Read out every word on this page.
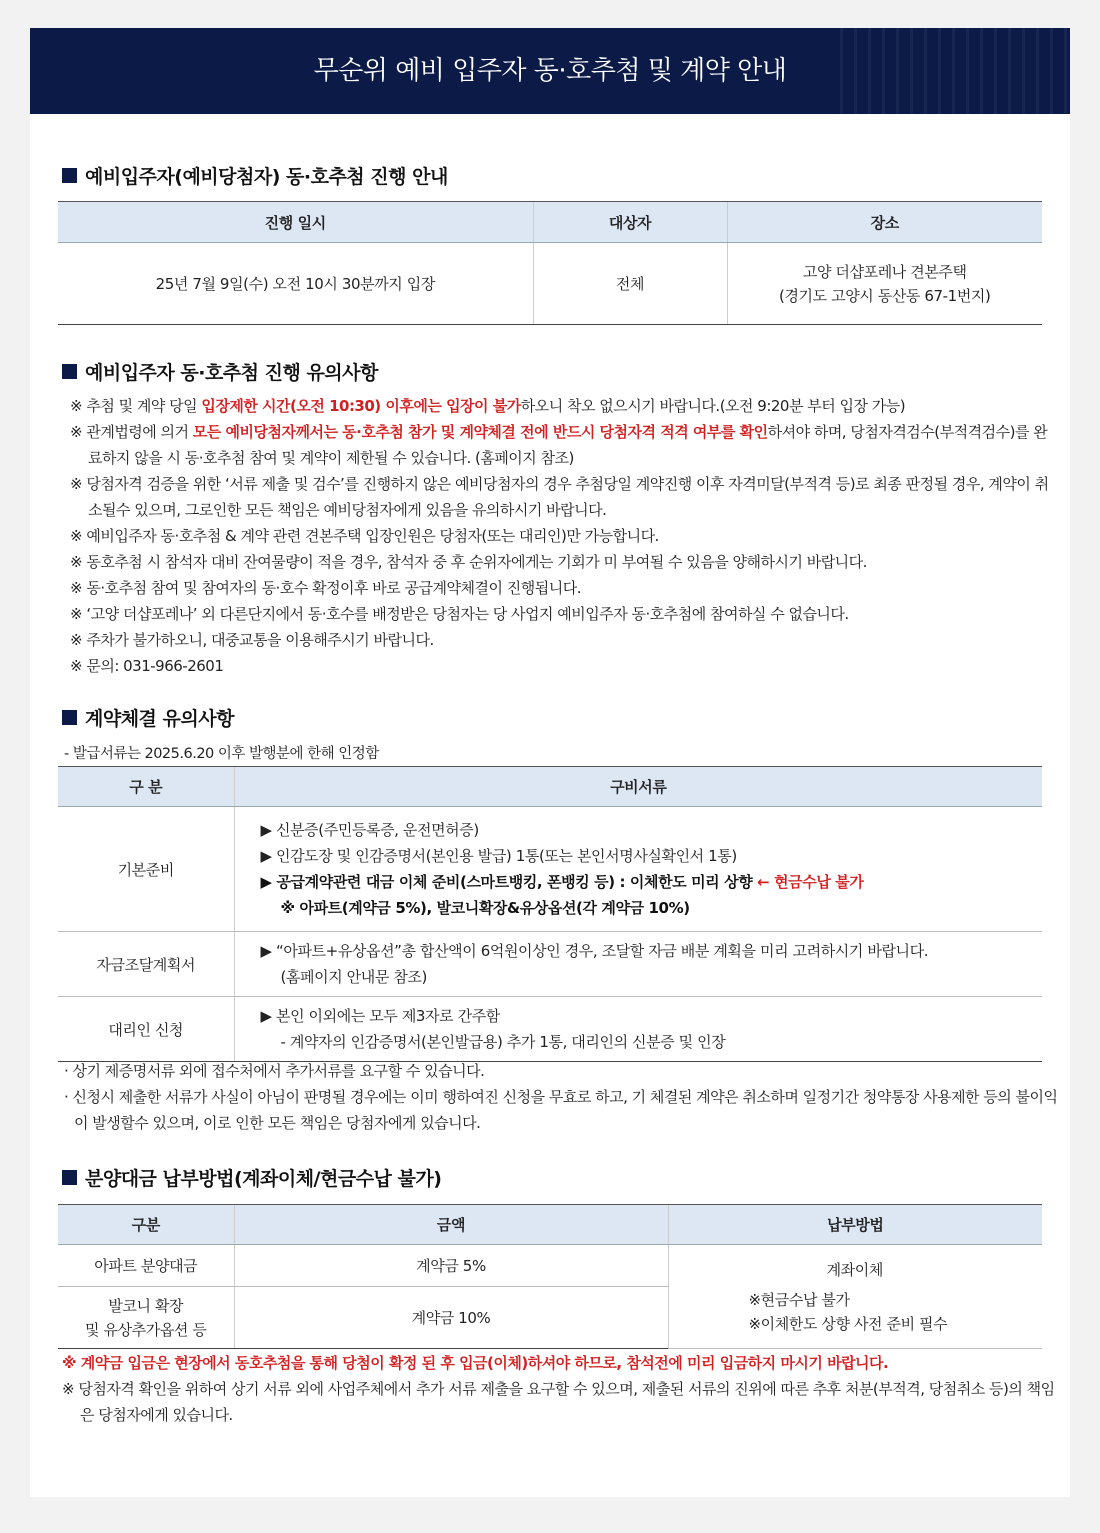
무순위 예비 입주자 동·호추첨 및 계약 안내
예비입주자(예비당첨자) 동·호추첨 진행 안내
진행 일시	대상자	장소
25년 7월 9일(수) 오전 10시 30분까지 입장	전체	고양 더샵포레나 견본주택
(경기도 고양시 동산동 67-1번지)
예비입주자 동·호추첨 진행 유의사항
※ 추첨 및 계약 당일 입장제한 시간(오전 10:30) 이후에는 입장이 불가하오니 착오 없으시기 바랍니다.(오전 9:20분 부터 입장 가능)
※ 관계법령에 의거 모든 예비당첨자께서는 동·호추첨 참가 및 계약체결 전에 반드시 당첨자격 적격 여부를 확인하셔야 하며, 당첨자격검수(부적격검수)를 완료하지 않을 시 동·호추첨 참여 및 계약이 제한될 수 있습니다. (홈페이지 참조)
※ 당첨자격 검증을 위한 ‘서류 제출 및 검수’를 진행하지 않은 예비당첨자의 경우 추첨당일 계약진행 이후 자격미달(부적격 등)로 최종 판정될 경우, 계약이 취소될수 있으며, 그로인한 모든 책임은 예비당첨자에게 있음을 유의하시기 바랍니다.
※ 예비입주자 동·호추첨 & 계약 관련 견본주택 입장인원은 당첨자(또는 대리인)만 가능합니다.
※ 동호추첨 시 참석자 대비 잔여물량이 적을 경우, 참석자 중 후 순위자에게는 기회가 미 부여될 수 있음을 양해하시기 바랍니다.
※ 동·호추첨 참여 및 참여자의 동·호수 확정이후 바로 공급계약체결이 진행됩니다.
※ ‘고양 더샵포레나’ 외 다른단지에서 동·호수를 배정받은 당첨자는 당 사업지 예비입주자 동·호추첨에 참여하실 수 없습니다.
※ 주차가 불가하오니, 대중교통을 이용해주시기 바랍니다.
※ 문의: 031-966-2601
계약체결 유의사항
- 발급서류는 2025.6.20 이후 발행분에 한해 인정함
구 분	구비서류
기본준비	▶ 신분증(주민등록증, 운전면허증)
▶ 인감도장 및 인감증명서(본인용 발급) 1통(또는 본인서명사실확인서 1통)
▶ 공급계약관련 대금 이체 준비(스마트뱅킹, 폰뱅킹 등) : 이체한도 미리 상향 ← 현금수납 불가
※ 아파트(계약금 5%), 발코니확장&유상옵션(각 계약금 10%)

자금조달계획서	▶ “아파트+유상옵션”총 합산액이 6억원이상인 경우, 조달할 자금 배분 계획을 미리 고려하시기 바랍니다.
(홈페이지 안내문 참조)

대리인 신청	▶ 본인 이외에는 모두 제3자로 간주함
- 계약자의 인감증명서(본인발급용) 추가 1통, 대리인의 신분증 및 인장
· 상기 제증명서류 외에 접수처에서 추가서류를 요구할 수 있습니다.
· 신청시 제출한 서류가 사실이 아님이 판명될 경우에는 이미 행하여진 신청을 무효로 하고, 기 체결된 계약은 취소하며 일정기간 청약통장 사용제한 등의 불이익이 발생할수 있으며, 이로 인한 모든 책임은 당첨자에게 있습니다.
분양대금 납부방법(계좌이체/현금수납 불가)
구분	금액	납부방법
아파트 분양대금	계약금 5%	계좌이체
※현금수납 불가
※이체한도 상향 사전 준비 필수

발코니 확장
및 유상추가옵션 등	계약금 10%	
※ 계약금 입금은 현장에서 동호추첨을 통해 당첨이 확정 된 후 입금(이체)하셔야 하므로, 참석전에 미리 입금하지 마시기 바랍니다.
※ 당첨자격 확인을 위하여 상기 서류 외에 사업주체에서 추가 서류 제출을 요구할 수 있으며, 제출된 서류의 진위에 따른 추후 처분(부적격, 당첨취소 등)의 책임은 당첨자에게 있습니다.
